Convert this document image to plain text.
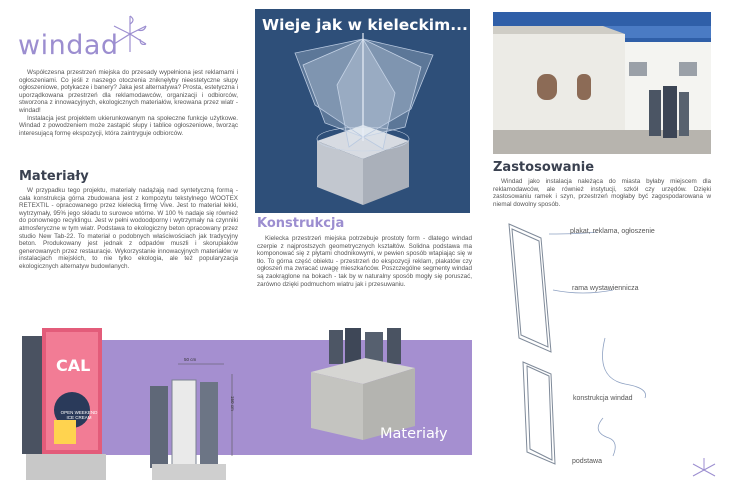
windad

Współczesna przestrzeń miejska do przesady wypełniona jest reklamami i ogłoszeniami. Co jeśli z naszego otoczenia zniknęłyby nieestetyczne słupy ogłoszeniowe, potykacze i banery? Jaka jest alternatywa? Prosta, estetyczna i uporządkowana przestrzeń dla reklamodawców, organizacji i odbiorców, stworzona z innowacyjnych, ekologicznych materiałów, kreowana przez wiatr - windad!

Instalacja jest projektem ukierunkowanym na społeczne funkcje użytkowe. Windad z powodzeniem może zastąpić słupy i tablice ogłoszeniowe, tworząc interesującą formę ekspozycji, która zaintryguje odbiorców.

Materiały
W przypadku tego projektu, materiały nadążają nad syntetyczną formą - cała konstrukcja górna zbudowana jest z kompozytu tekstylnego WOOTEX RETEXTIL - opracowanego przez kielecką firmę Vive. Jest to materiał lekki, wytrzymały, 95% jego składu to surowce wtórne. W 100 % nadaje się również do ponownego recyklingu. Jest w pełni wodoodporny i wytrzymały na czynniki atmosferyczne w tym wiatr. Podstawa to ekologiczny beton opracowany przez studio New Tab-22. To materiał o podobnych właściwościach jak tradycyjny beton. Produkowany jest jednak z odpadów muszli i skorupiaków generowanych przez restauracje. Wykorzystanie innowacyjnych materiałów w instalacjach miejskich, to nie tylko ekologia, ale też popularyzacja ekologicznych alternatyw budowlanych.
Wieje jak w kieleckim...
Konstrukcja
Kielecka przestrzeń miejska potrzebuje prostoty form - dlatego windad czerpie z najprostszych geometrycznych kształtów. Solidna podstawa ma komponować się z płytami chodnikowymi, w pewien sposób wtapiając się w tło. To górna część obiektu - przestrzeń do ekspozycji reklam, plakatów czy ogłoszeń ma zwracać uwagę mieszkańców. Poszczególne segmenty windad są zaokrąglone na bokach - tak by w naturalny sposób mogły się poruszać, zarówno dzięki podmuchom wiatru jak i przesuwaniu.
Zastosowanie
Windad jako instalacja należąca do miasta byłaby miejscem dla reklamodawców, ale również instytucji, szkół czy urzędów. Dzięki zastosowaniu ramek i szyn, przestrzeń mogłaby być zagospodarowana w niemal dowolny sposób.
plakat, reklama, ogłoszenie
rama wystawiennicza
konstrukcja windad
podstawa
CAL
OPEN WEEKEND
ICE CREAM
50 cm
150 cm
Materiały
